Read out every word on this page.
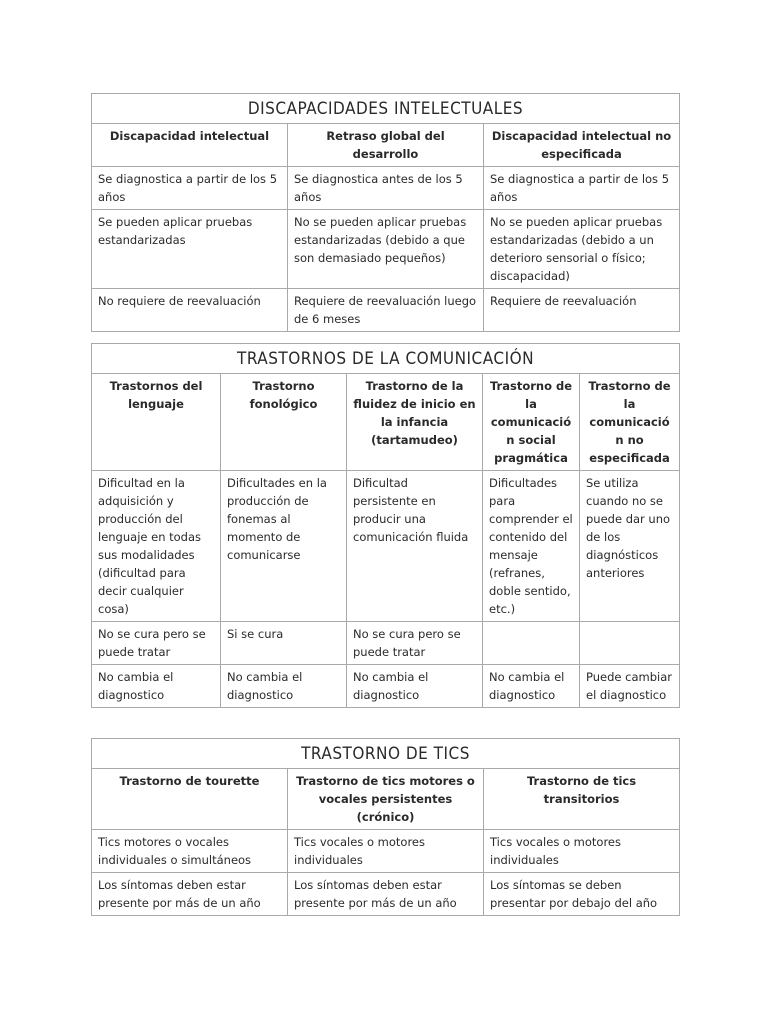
DISCAPACIDADES INTELECTUALES		
Discapacidad intelectual	Retraso global del desarrollo	Discapacidad intelectual no especificada
Se diagnostica a partir de los 5 años	Se diagnostica antes de los 5 años	Se diagnostica a partir de los 5 años
Se pueden aplicar pruebas estandarizadas	No se pueden aplicar pruebas estandarizadas (debido a que son demasiado pequeños)	No se pueden aplicar pruebas estandarizadas (debido a un deterioro sensorial o físico; discapacidad)
No requiere de reevaluación	Requiere de reevaluación luego de 6 meses	Requiere de reevaluación
TRASTORNOS DE LA COMUNICACIÓN				
Trastornos del lenguaje	Trastorno fonológico	Trastorno de la fluidez de inicio en la infancia (tartamudeo)	Trastorno de la comunicación social pragmática	Trastorno de la comunicación no especificada
Dificultad en la adquisición y producción del lenguaje en todas sus modalidades (dificultad para decir cualquier cosa)	Dificultades en la producción de fonemas al momento de comunicarse	Dificultad persistente en producir una comunicación fluida	Dificultades para comprender el contenido del mensaje (refranes, doble sentido, etc.)	Se utiliza cuando no se puede dar uno de los diagnósticos anteriores
No se cura pero se puede tratar	Si se cura	No se cura pero se puede tratar		
No cambia el diagnostico	No cambia el diagnostico	No cambia el diagnostico	No cambia el diagnostico	Puede cambiar el diagnostico
TRASTORNO DE TICS		
Trastorno de tourette	Trastorno de tics motores o vocales persistentes (crónico)	Trastorno de tics transitorios
Tics motores o vocales individuales o simultáneos	Tics vocales o motores individuales	Tics vocales o motores individuales
Los síntomas deben estar presente por más de un año	Los síntomas deben estar presente por más de un año	Los síntomas se deben presentar por debajo del año
